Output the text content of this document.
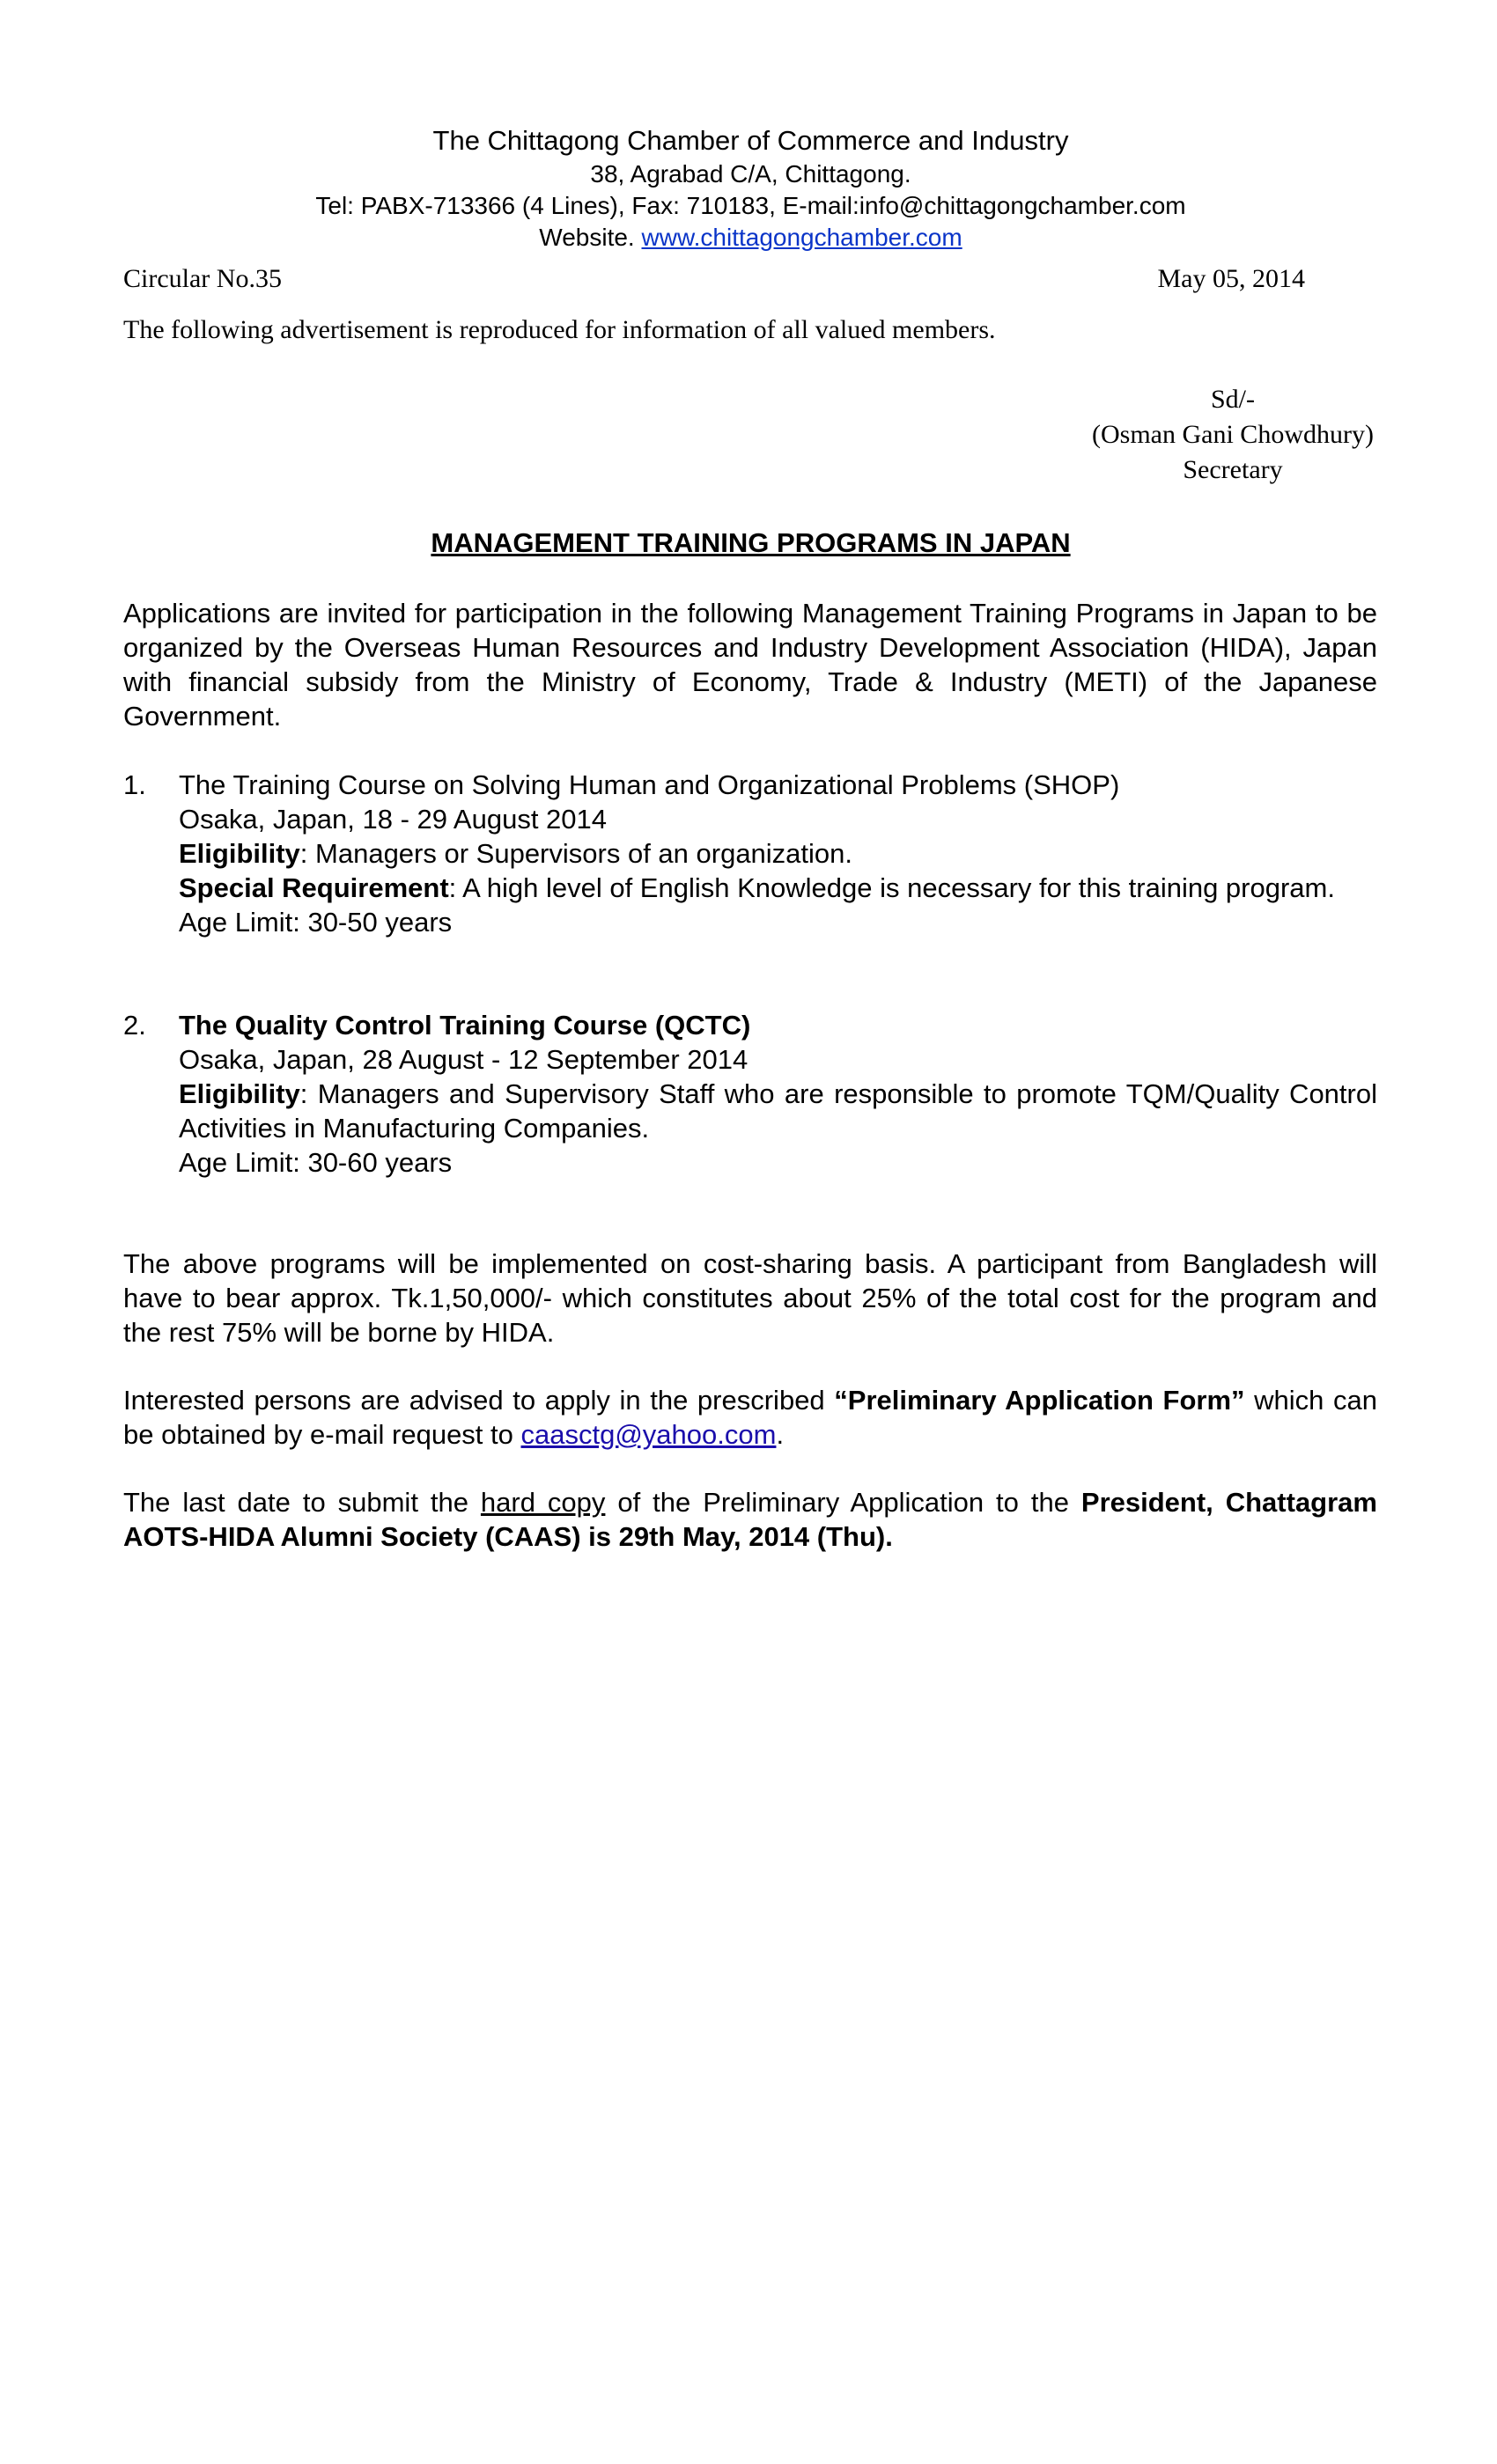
The Chittagong Chamber of Commerce and Industry
38, Agrabad C/A, Chittagong.
Tel: PABX-713366 (4 Lines), Fax: 710183, E-mail:info@chittagongchamber.com
Website. www.chittagongchamber.com
Circular No.35	May 05, 2014
The following advertisement is reproduced for information of all valued members.
Sd/-
(Osman Gani Chowdhury)
Secretary
MANAGEMENT TRAINING PROGRAMS IN JAPAN
Applications are invited for participation in the following Management Training Programs in Japan to be organized by the Overseas Human Resources and Industry Development Association (HIDA), Japan with financial subsidy from the Ministry of Economy, Trade & Industry (METI) of the Japanese Government.
1. The Training Course on Solving Human and Organizational Problems (SHOP)
Osaka, Japan, 18 - 29 August 2014
Eligibility: Managers or Supervisors of an organization.
Special Requirement: A high level of English Knowledge is necessary for this training program.
Age Limit: 30-50 years
2. The Quality Control Training Course (QCTC)
Osaka, Japan, 28 August - 12 September 2014
Eligibility: Managers and Supervisory Staff who are responsible to promote TQM/Quality Control Activities in Manufacturing Companies.
Age Limit: 30-60 years
The above programs will be implemented on cost-sharing basis. A participant from Bangladesh will have to bear approx. Tk.1,50,000/- which constitutes about 25% of the total cost for the program and the rest 75% will be borne by HIDA.
Interested persons are advised to apply in the prescribed “Preliminary Application Form” which can be obtained by e-mail request to caasctg@yahoo.com.
The last date to submit the hard copy of the Preliminary Application to the President, Chattagram AOTS-HIDA Alumni Society (CAAS) is 29th May, 2014 (Thu).
